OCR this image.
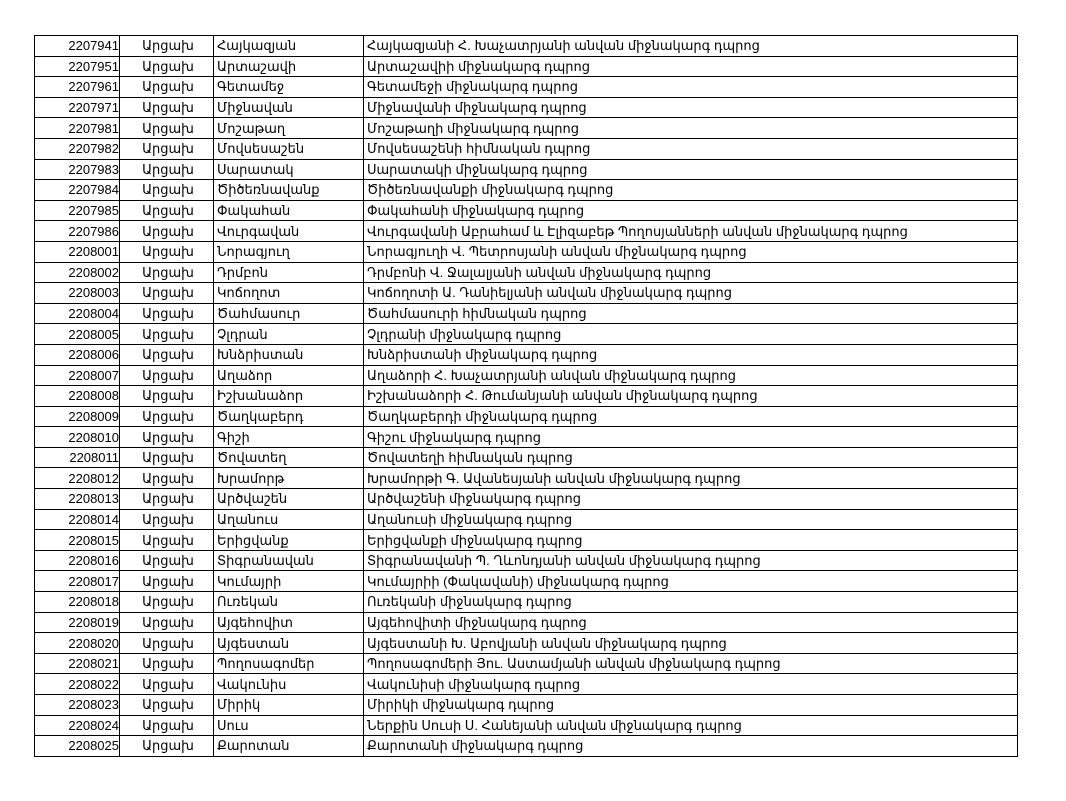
2207941	Արցախ	Հայկազյան	Հայկազյանի Հ. Խաչատրյանի անվան միջնակարգ դպրոց
2207951	Արցախ	Արտաշավի	Արտաշավիի միջնակարգ դպրոց
2207961	Արցախ	Գետամեջ	Գետամեջի միջնակարգ դպրոց
2207971	Արցախ	Միջնավան	Միջնավանի միջնակարգ դպրոց
2207981	Արցախ	Մոշաթաղ	Մոշաթաղի միջնակարգ դպրոց
2207982	Արցախ	Մովսեսաշեն	Մովսեսաշենի հիմնական դպրոց
2207983	Արցախ	Սարատակ	Սարատակի միջնակարգ դպրոց
2207984	Արցախ	Ծիծեռնավանք	Ծիծեռնավանքի միջնակարգ դպրոց
2207985	Արցախ	Փակահան	Փակահանի միջնակարգ դպրոց
2207986	Արցախ	Վուրգավան	Վուրգավանի Աբրահամ և Էլիզաբեթ Պողոսյանների անվան միջնակարգ դպրոց
2208001	Արցախ	Նորագյուղ	Նորագյուղի Վ. Պետրոսյանի անվան միջնակարգ դպրոց
2208002	Արցախ	Դրմբոն	Դրմբոնի Վ. Ջալալյանի անվան միջնակարգ դպրոց
2208003	Արցախ	Կոճողոտ	Կոճողոտի Ա. Դանիելյանի անվան միջնակարգ դպրոց
2208004	Արցախ	Ծահմասուր	Ծահմասուրի հիմնական դպրոց
2208005	Արցախ	Չլդրան	Չլդրանի միջնակարգ դպրոց
2208006	Արցախ	Խնձրիստան	Խնձրիստանի միջնակարգ դպրոց
2208007	Արցախ	Աղաձոր	Աղաձորի Հ. Խաչատրյանի անվան միջնակարգ դպրոց
2208008	Արցախ	Իշխանաձոր	Իշխանաձորի Հ. Թումանյանի անվան միջնակարգ դպրոց
2208009	Արցախ	Ծաղկաբերդ	Ծաղկաբերդի միջնակարգ դպրոց
2208010	Արցախ	Գիշի	Գիշու միջնակարգ դպրոց
2208011	Արցախ	Ծովատեղ	Ծովատեղի հիմնական դպրոց
2208012	Արցախ	Խրամորթ	Խրամորթի Գ. Ավանեսյանի անվան միջնակարգ դպրոց
2208013	Արցախ	Արծվաշեն	Արծվաշենի միջնակարգ դպրոց
2208014	Արցախ	Աղանուս	Աղանուսի միջնակարգ դպրոց
2208015	Արցախ	Երիցվանք	Երիցվանքի միջնակարգ դպրոց
2208016	Արցախ	Տիգրանավան	Տիգրանավանի Պ. Ղևոնդյանի անվան միջնակարգ դպրոց
2208017	Արցախ	Կումայրի	Կումայրիի (Փակավանի) միջնակարգ դպրոց
2208018	Արցախ	Ուռեկան	Ուռեկանի միջնակարգ դպրոց
2208019	Արցախ	Այգեհովիտ	Այգեհովիտի միջնակարգ դպրոց
2208020	Արցախ	Այգեստան	Այգեստանի Խ. Աբովյանի անվան միջնակարգ դպրոց
2208021	Արցախ	Պողոսագոմեր	Պողոսագոմերի Յու. Աստամյանի անվան միջնակարգ դպրոց
2208022	Արցախ	Վակունիս	Վակունիսի միջնակարգ դպրոց
2208023	Արցախ	Միրիկ	Միրիկի միջնակարգ դպրոց
2208024	Արցախ	Սուս	Ներքին Սուսի Ս. Հանեյանի անվան միջնակարգ դպրոց
2208025	Արցախ	Քարոտան	Քարոտանի միջնակարգ դպրոց
